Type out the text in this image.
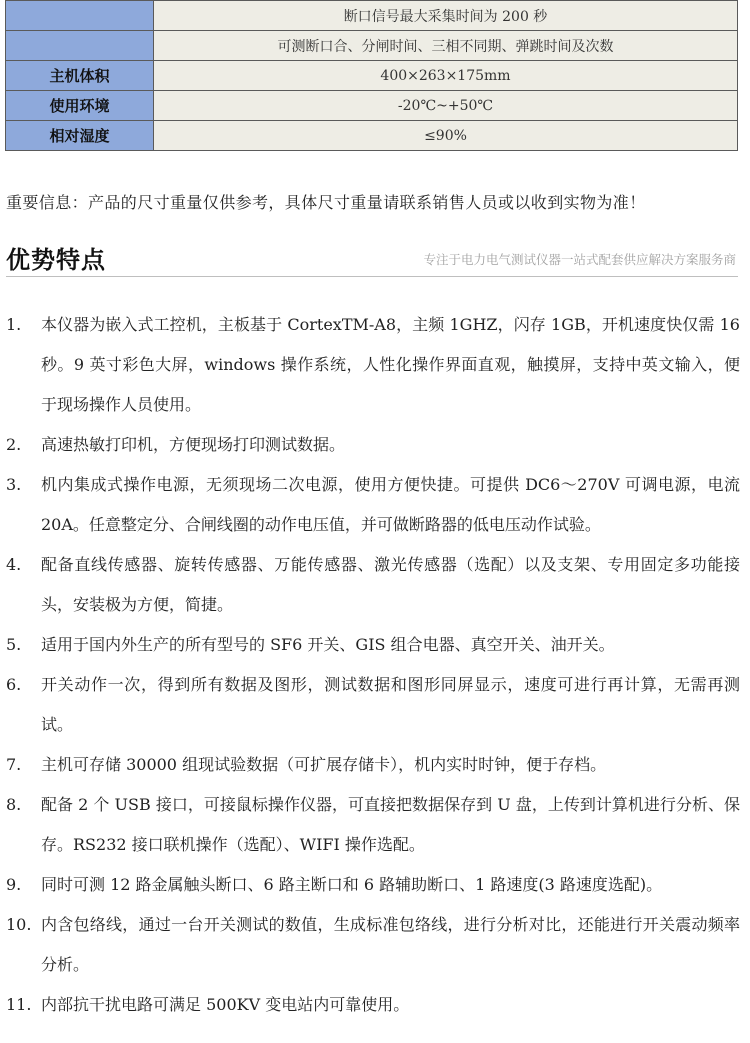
	断口信号最大采集时间为 200 秒
	可测断口合、分闸时间、三相不同期、弹跳时间及次数
主机体积	400×263×175mm
使用环境	-20℃~+50℃
相对湿度	≤90%
重要信息：产品的尺寸重量仅供参考，具体尺寸重量请联系销售人员或以收到实物为准！
优势特点	专注于电力电气测试仪器一站式配套供应解决方案服务商
1. 本仪器为嵌入式工控机，主板基于 CortexTM-A8，主频 1GHZ，闪存 1GB，开机速度快仅需 16 秒。9 英寸彩色大屏，windows 操作系统，人性化操作界面直观，触摸屏，支持中英文输入，便于现场操作人员使用。
2. 高速热敏打印机，方便现场打印测试数据。
3. 机内集成式操作电源，无须现场二次电源，使用方便快捷。可提供 DC6～270V 可调电源，电流 20A。任意整定分、合闸线圈的动作电压值，并可做断路器的低电压动作试验。
4. 配备直线传感器、旋转传感器、万能传感器、激光传感器（选配）以及支架、专用固定多功能接头，安装极为方便，简捷。
5. 适用于国内外生产的所有型号的 SF6 开关、GIS 组合电器、真空开关、油开关。
6. 开关动作一次，得到所有数据及图形，测试数据和图形同屏显示，速度可进行再计算，无需再测试。
7. 主机可存储 30000 组现试验数据（可扩展存储卡），机内实时时钟，便于存档。
8. 配备 2 个 USB 接口，可接鼠标操作仪器，可直接把数据保存到 U 盘，上传到计算机进行分析、保存。RS232 接口联机操作（选配）、WIFI 操作选配。
9. 同时可测 12 路金属触头断口、6 路主断口和 6 路辅助断口、1 路速度(3 路速度选配)。
10. 内含包络线，通过一台开关测试的数值，生成标准包络线，进行分析对比，还能进行开关震动频率分析。
11. 内部抗干扰电路可满足 500KV 变电站内可靠使用。
